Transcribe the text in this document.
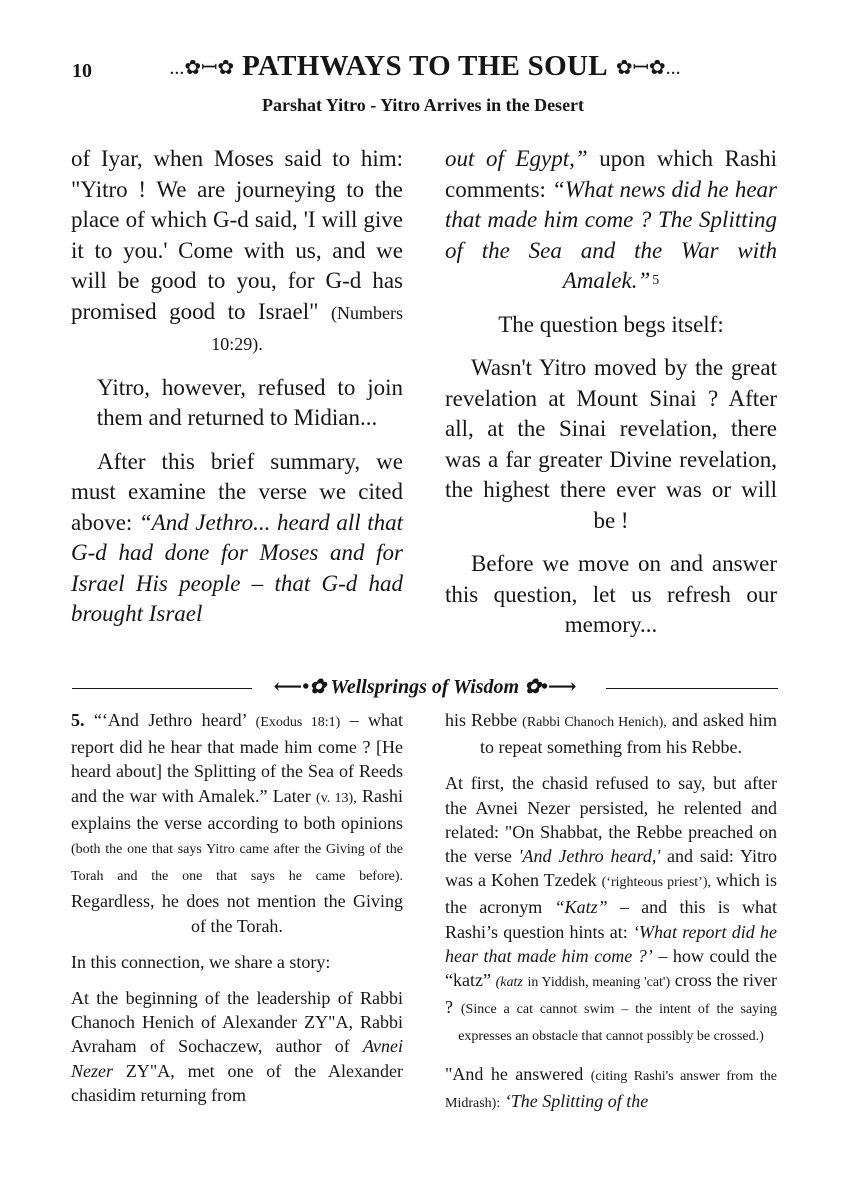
10	...✿ꟷ✿ PATHWAYS TO THE SOUL ✿ꟷ✿...
Parshat Yitro - Yitro Arrives in the Desert

of Iyar, when Moses said to him: "Yitro ! We are journeying to the place of which G-d said, 'I will give it to you.' Come with us, and we will be good to you, for G-d has promised good to Israel" (Numbers 10:29).

Yitro, however, refused to join them and returned to Midian...

After this brief summary, we must examine the verse we cited above: “And Jethro... heard all that G-d had done for Moses and for Israel His people – that G-d had brought Israel

out of Egypt,” upon which Rashi comments: “What news did he hear that made him come ? The Splitting of the Sea and the War with Amalek.” $^5$

The question begs itself:

Wasn't Yitro moved by the great revelation at Mount Sinai ? After all, at the Sinai revelation, there was a far greater Divine revelation, the highest there ever was or will be !

Before we move on and answer this question, let us refresh our memory...

⟵•✿ Wellsprings of Wisdom ✿•⟶

5. “‘And Jethro heard’ (Exodus 18:1) – what report did he hear that made him come ? [He heard about] the Splitting of the Sea of Reeds and the war with Amalek.” Later (v. 13), Rashi explains the verse according to both opinions (both the one that says Yitro came after the Giving of the Torah and the one that says he came before). Regardless, he does not mention the Giving of the Torah.

In this connection, we share a story:

At the beginning of the leadership of Rabbi Chanoch Henich of Alexander ZY"A, Rabbi Avraham of Sochaczew, author of Avnei Nezer ZY"A, met one of the Alexander chasidim returning from

his Rebbe (Rabbi Chanoch Henich), and asked him to repeat something from his Rebbe.

At first, the chasid refused to say, but after the Avnei Nezer persisted, he relented and related: "On Shabbat, the Rebbe preached on the verse 'And Jethro heard,' and said: Yitro was a Kohen Tzedek (‘righteous priest’), which is the acronym “Katz” – and this is what Rashi’s question hints at: ‘What report did he hear that made him come ?’ – how could the “katz” (katz in Yiddish, meaning 'cat') cross the river ? (Since a cat cannot swim – the intent of the saying expresses an obstacle that cannot possibly be crossed.)

"And he answered (citing Rashi's answer from the Midrash): ‘The Splitting of the
